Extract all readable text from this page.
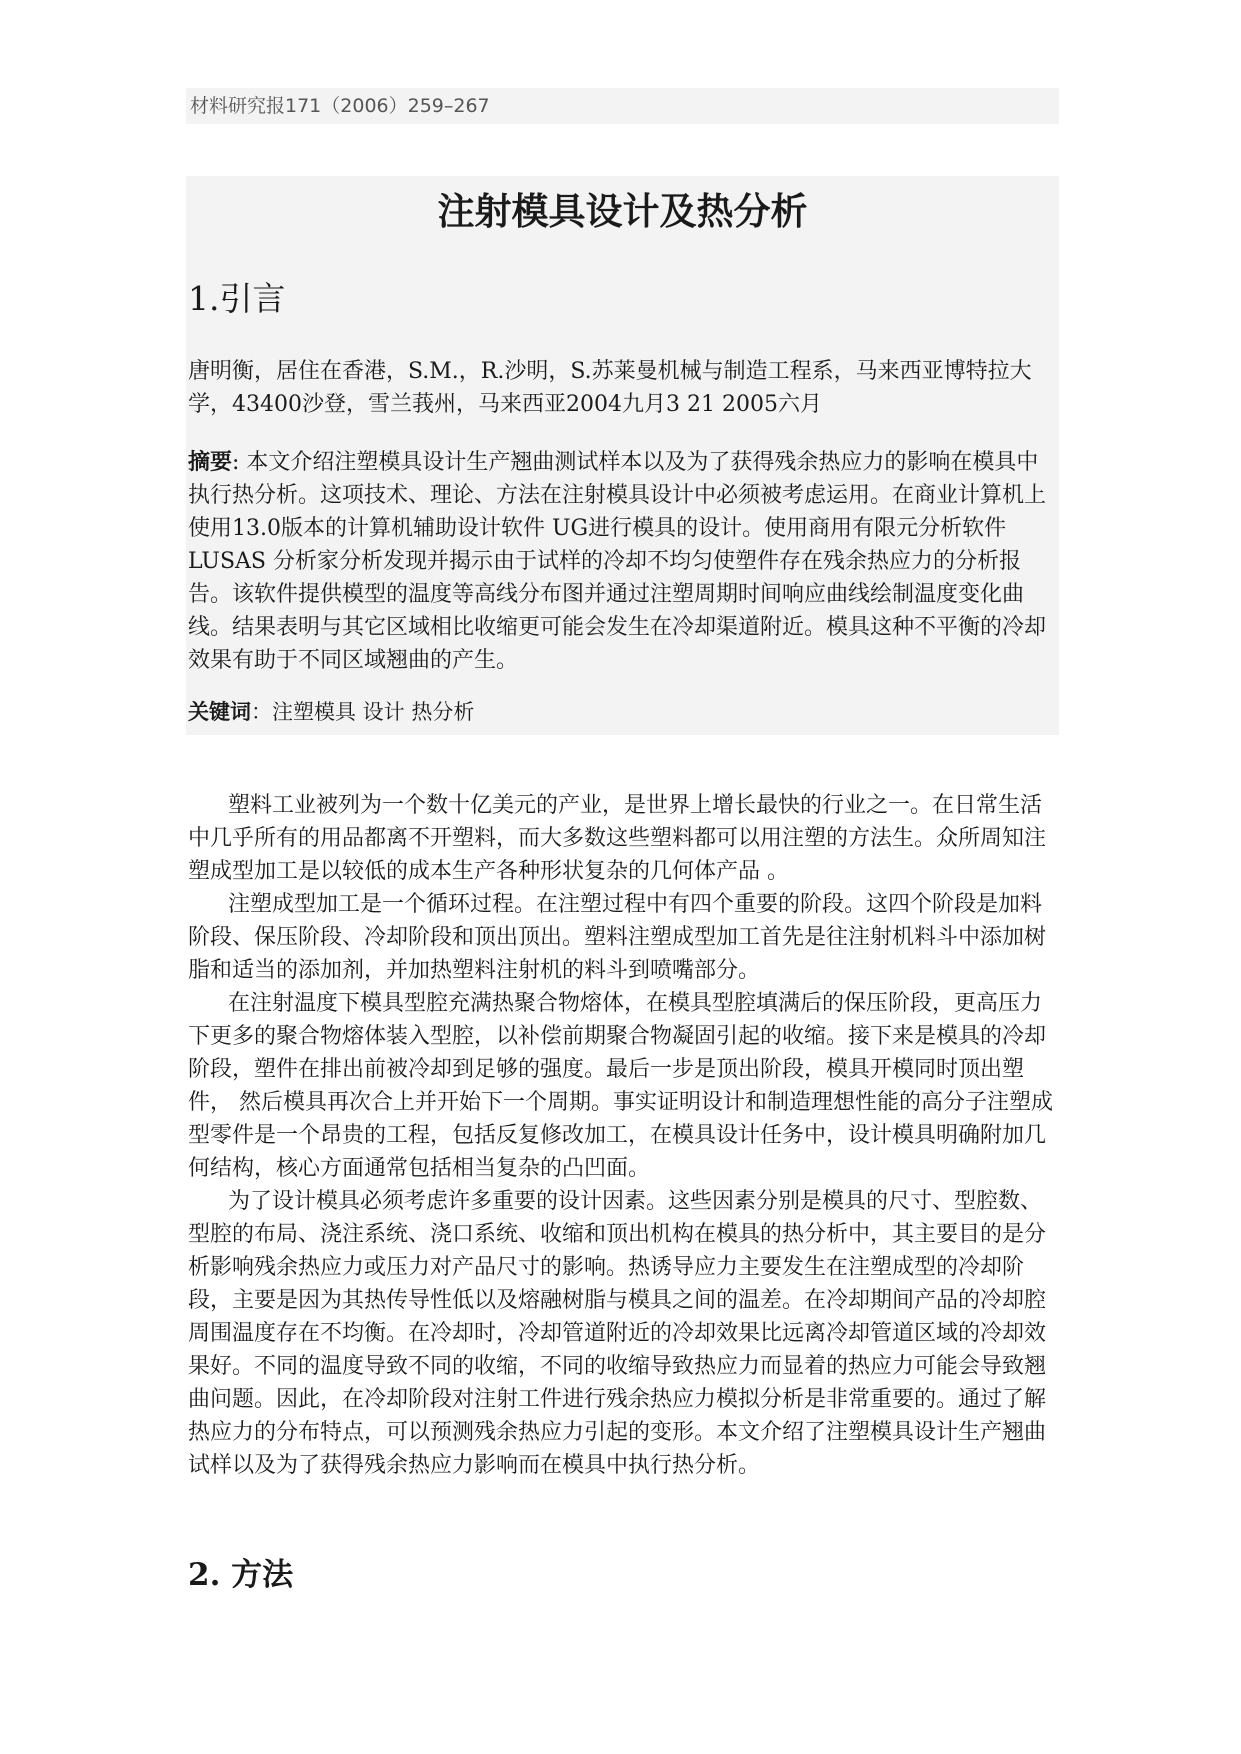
材料研究报171（2006）259–267
注射模具设计及热分析
1.引言
唐明衡，居住在香港，S.M.，R.沙明，S.苏莱曼机械与制造工程系，马来西亚博特拉大学，43400沙登，雪兰莪州，马来西亚2004九月3 21 2005六月
摘要: 本文介绍注塑模具设计生产翘曲测试样本以及为了获得残余热应力的影响在模具中执行热分析。这项技术、理论、方法在注射模具设计中必须被考虑运用。在商业计算机上使用13.0版本的计算机辅助设计软件 UG进行模具的设计。使用商用有限元分析软件 LUSAS 分析家分析发现并揭示由于试样的冷却不均匀使塑件存在残余热应力的分析报告。该软件提供模型的温度等高线分布图并通过注塑周期时间响应曲线绘制温度变化曲线。结果表明与其它区域相比收缩更可能会发生在冷却渠道附近。模具这种不平衡的冷却效果有助于不同区域翘曲的产生。
关键词：注塑模具 设计 热分析

塑料工业被列为一个数十亿美元的产业，是世界上增长最快的行业之一。在日常生活中几乎所有的用品都离不开塑料，而大多数这些塑料都可以用注塑的方法生。众所周知注塑成型加工是以较低的成本生产各种形状复杂的几何体产品 。

注塑成型加工是一个循环过程。在注塑过程中有四个重要的阶段。这四个阶段是加料阶段、保压阶段、冷却阶段和顶出顶出。塑料注塑成型加工首先是往注射机料斗中添加树脂和适当的添加剂，并加热塑料注射机的料斗到喷嘴部分。

在注射温度下模具型腔充满热聚合物熔体，在模具型腔填满后的保压阶段，更高压力下更多的聚合物熔体装入型腔，以补偿前期聚合物凝固引起的收缩。接下来是模具的冷却阶段，塑件在排出前被冷却到足够的强度。最后一步是顶出阶段，模具开模同时顶出塑件， 然后模具再次合上并开始下一个周期。事实证明设计和制造理想性能的高分子注塑成型零件是一个昂贵的工程，包括反复修改加工，在模具设计任务中，设计模具明确附加几何结构，核心方面通常包括相当复杂的凸凹面。

为了设计模具必须考虑许多重要的设计因素。这些因素分别是模具的尺寸、型腔数、型腔的布局、浇注系统、浇口系统、收缩和顶出机构在模具的热分析中，其主要目的是分析影响残余热应力或压力对产品尺寸的影响。热诱导应力主要发生在注塑成型的冷却阶段，主要是因为其热传导性低以及熔融树脂与模具之间的温差。在冷却期间产品的冷却腔周围温度存在不均衡。在冷却时，冷却管道附近的冷却效果比远离冷却管道区域的冷却效果好。不同的温度导致不同的收缩，不同的收缩导致热应力而显着的热应力可能会导致翘曲问题。因此，在冷却阶段对注射工件进行残余热应力模拟分析是非常重要的。通过了解热应力的分布特点，可以预测残余热应力引起的变形。本文介绍了注塑模具设计生产翘曲试样以及为了获得残余热应力影响而在模具中执行热分析。

2. 方法
